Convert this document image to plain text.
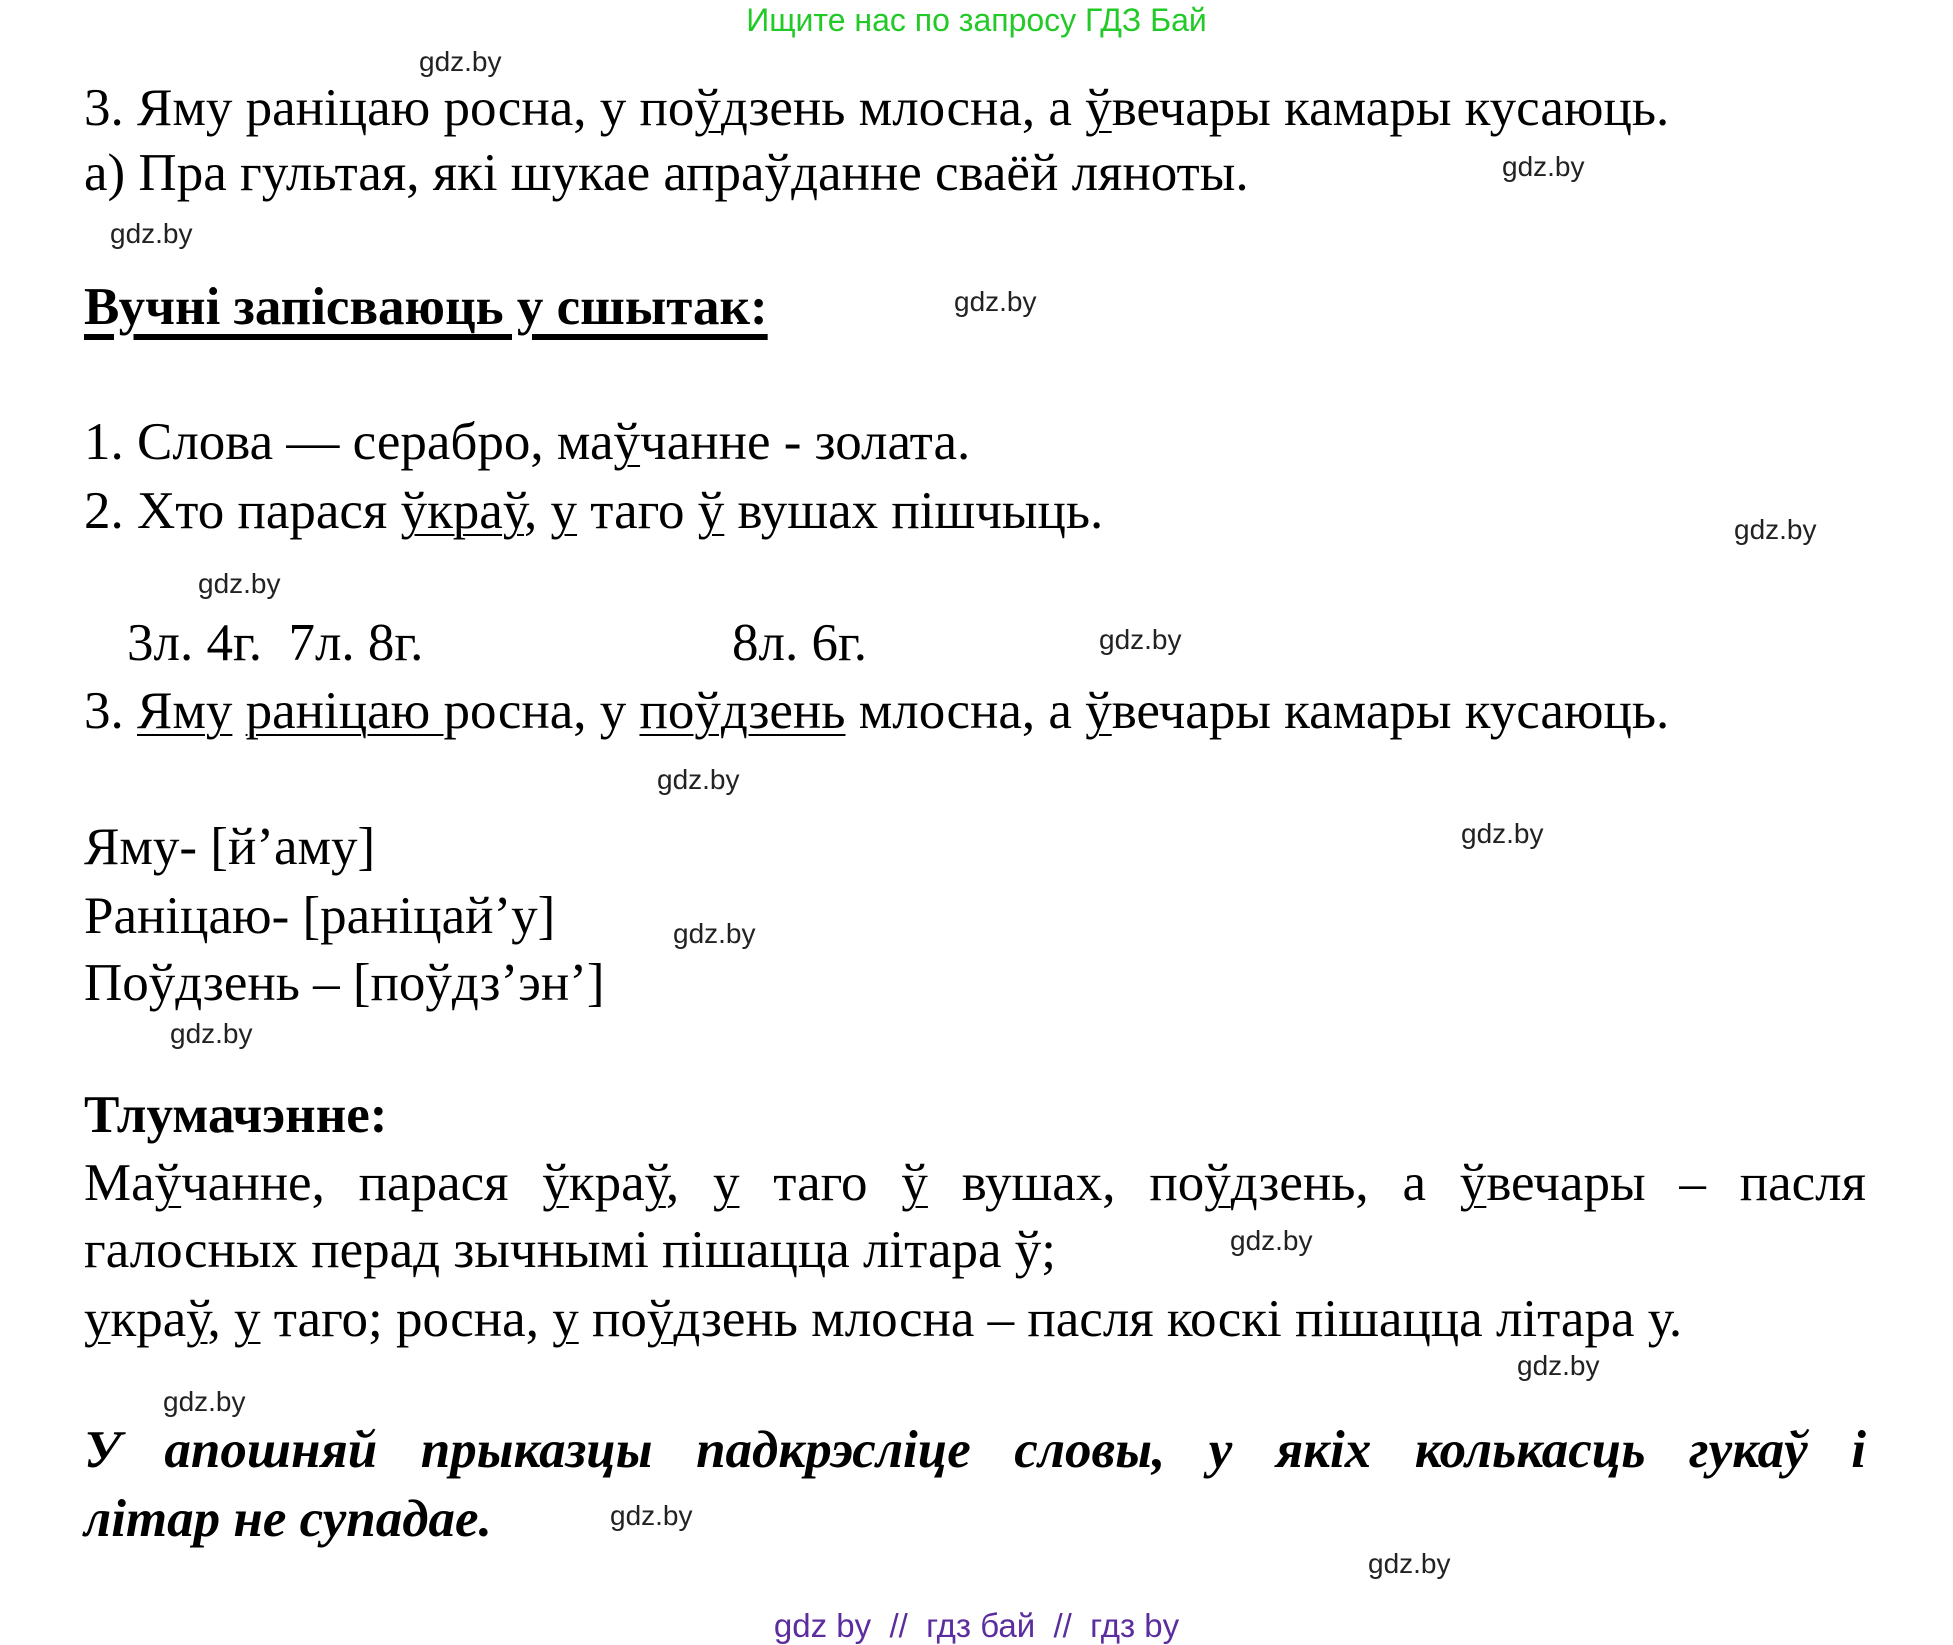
Ищите нас по запросу ГДЗ Бай
3. Яму раніцаю росна, у поўдзень млосна, а ўвечары камары кусаюць.
а) Пра гультая, які шукае апраўданне сваёй ляноты.
Вучні запісваюць у сшытак:
1. Слова — серабро, маўчанне - золата.
2. Хто парася ўкраў, у таго ў вушах пішчыць.
3л. 4г.  7л. 8г.	8л. 6г.
3. Яму раніцаю росна, у поўдзень млосна, а ўвечары камары кусаюць.
Яму- [й’аму]
Раніцаю- [раніцай’у]
Поўдзень – [поўдз’эн’]
Тлумачэнне:
Маўчанне, парася ўкраў, у таго ў вушах, поўдзень, а ўвечары – пасля
галосных перад зычнымі пішацца літара ў;
украў, у таго; росна, у поўдзень млосна – пасля коскі пішацца літара у.
У апошняй прыказцы падкрэсліце словы, у якіх колькасць гукаў і
літар не супадае.
gdz.by
gdz.by
gdz.by
gdz.by
gdz.by
gdz.by
gdz.by
gdz.by
gdz.by
gdz.by
gdz.by
gdz.by
gdz.by
gdz.by
gdz.by
gdz.by
gdz by  //  гдз бай  //  гдз by
